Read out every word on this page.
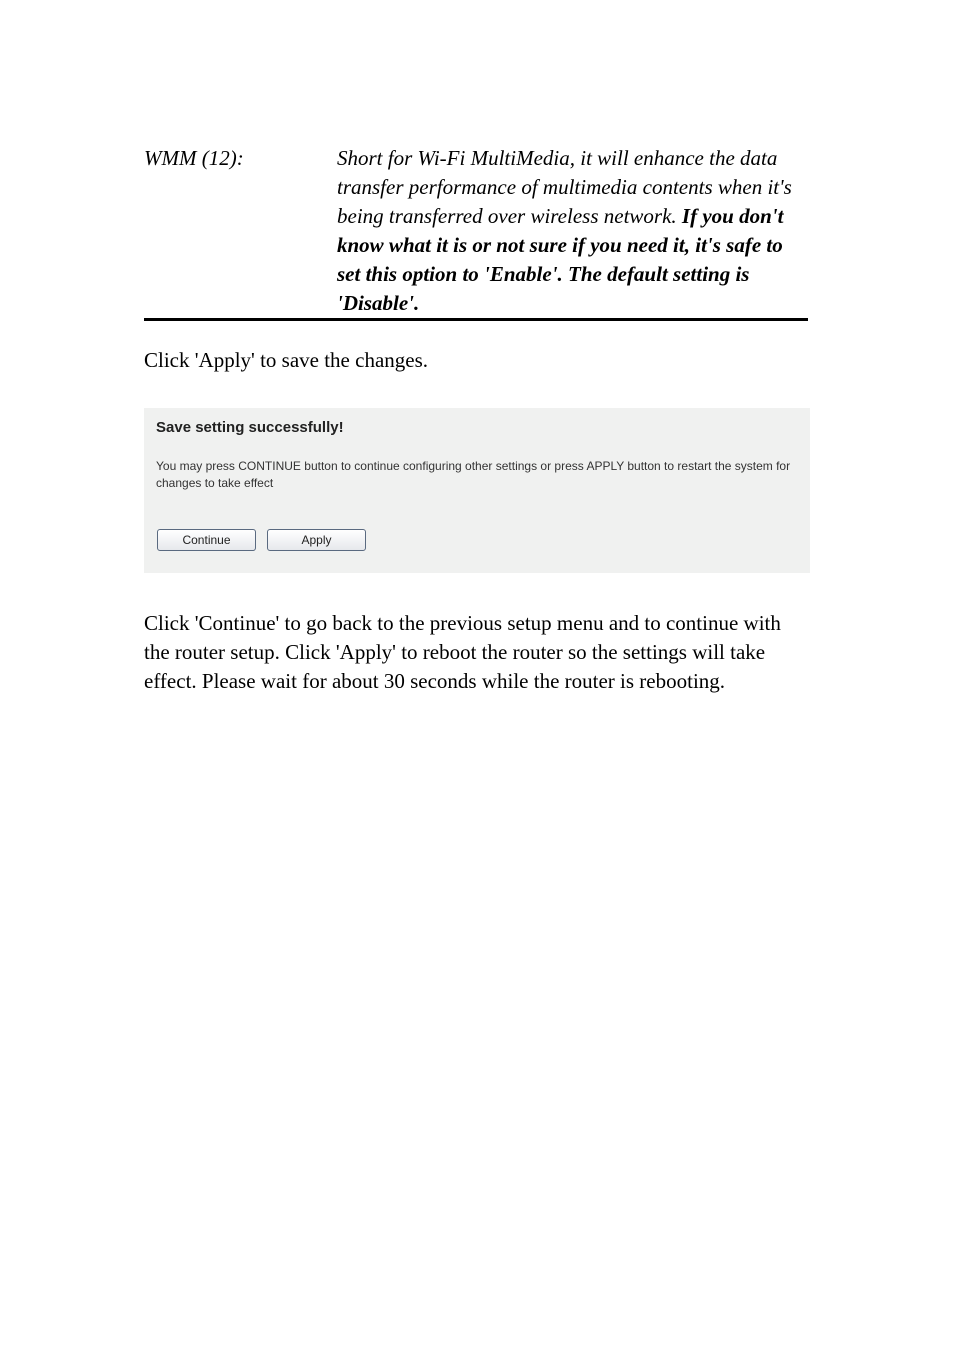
WMM (12):	Short for Wi-Fi MultiMedia, it will enhance the data transfer performance of multimedia contents when it's being transferred over wireless network. If you don't know what it is or not sure if you need it, it's safe to set this option to 'Enable'. The default setting is 'Disable'.

Click 'Apply' to save the changes.

Save setting successfully!
You may press CONTINUE button to continue configuring other settings or press APPLY button to restart the system for changes to take effect
Continue	Apply

Click 'Continue' to go back to the previous setup menu and to continue with the router setup. Click 'Apply' to reboot the router so the settings will take effect. Please wait for about 30 seconds while the router is rebooting.
